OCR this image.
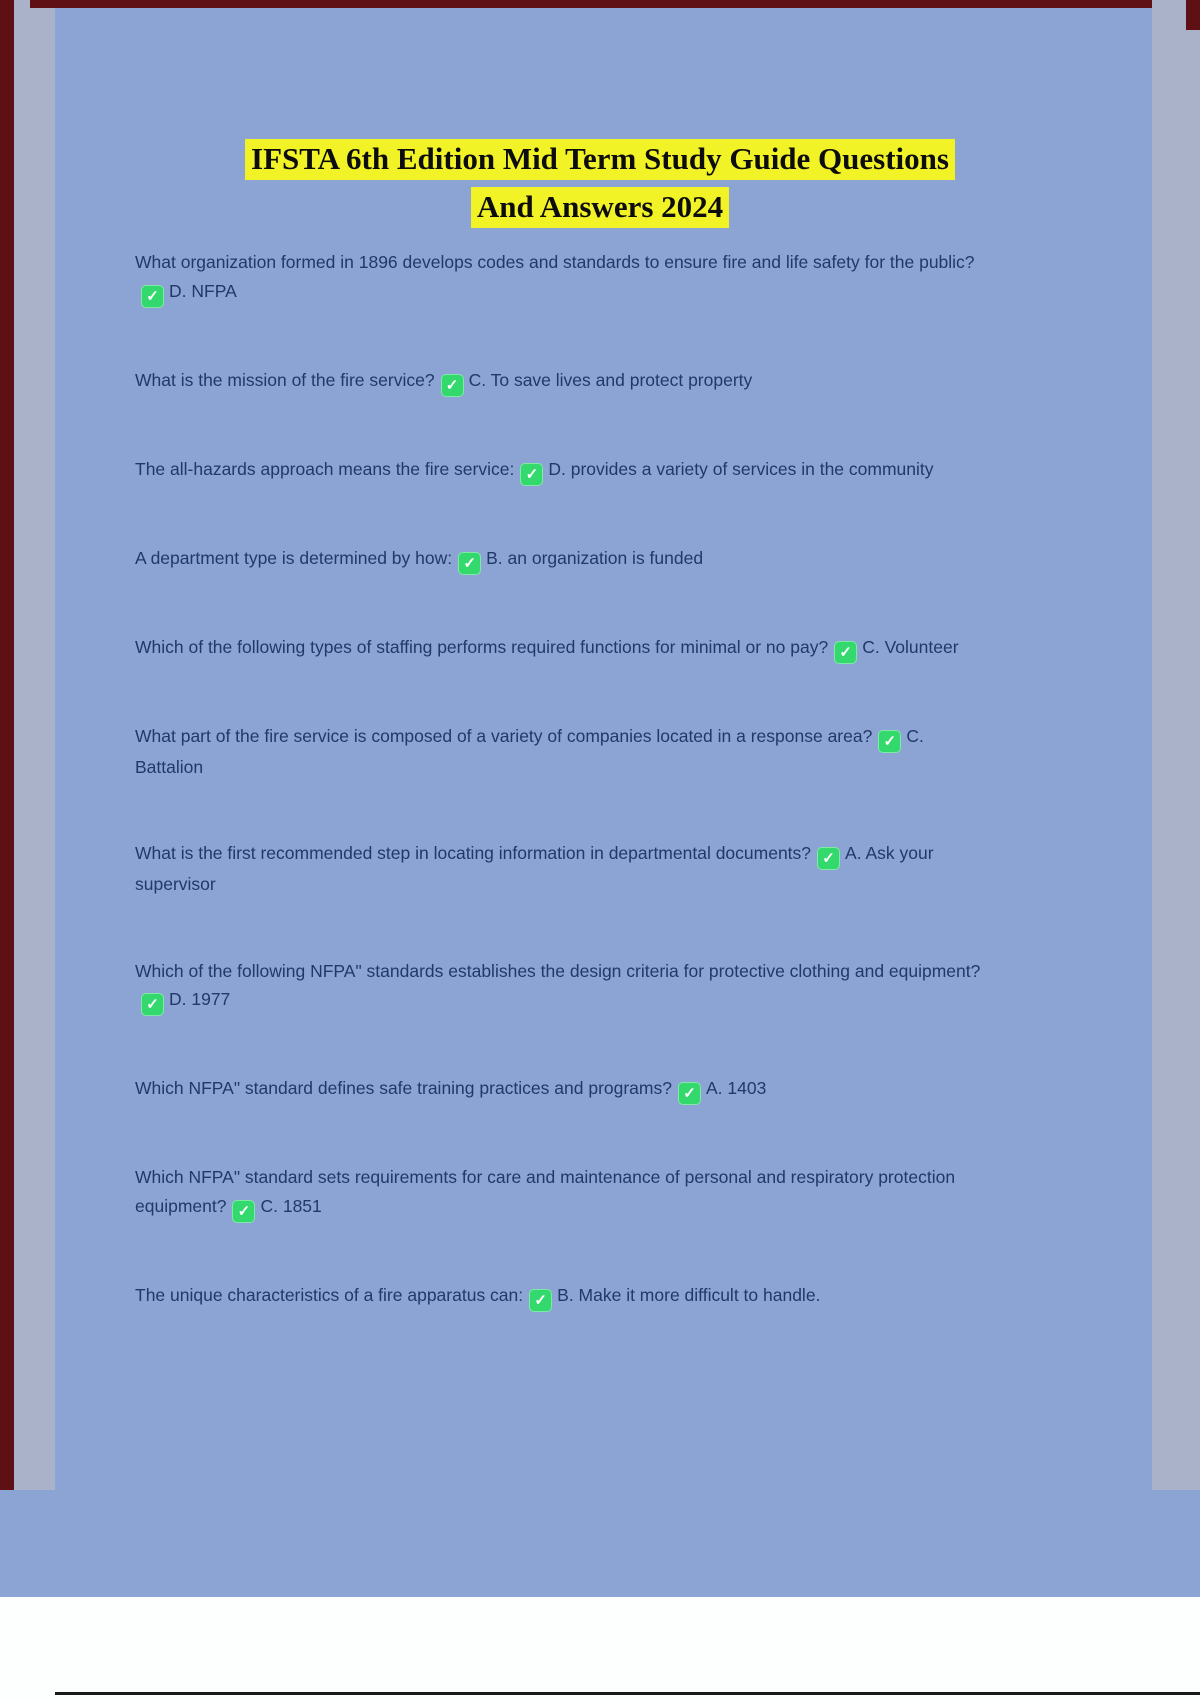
IFSTA 6th Edition Mid Term Study Guide Questions
And Answers 2024

What organization formed in 1896 develops codes and standards to ensure fire and life safety for the public?✓ D. NFPA

What is the mission of the fire service? ✓ C. To save lives and protect property

The all-hazards approach means the fire service: ✓ D. provides a variety of services in the community

A department type is determined by how: ✓ B. an organization is funded

Which of the following types of staffing performs required functions for minimal or no pay? ✓ C. Volunteer

What part of the fire service is composed of a variety of companies located in a response area? ✓ C. Battalion

What is the first recommended step in locating information in departmental documents? ✓ A. Ask your supervisor

Which of the following NFPA" standards establishes the design criteria for protective clothing and equipment?✓ D. 1977

Which NFPA" standard defines safe training practices and programs? ✓ A. 1403

Which NFPA" standard sets requirements for care and maintenance of personal and respiratory protection equipment? ✓ C. 1851

The unique characteristics of a fire apparatus can: ✓ B. Make it more difficult to handle.
